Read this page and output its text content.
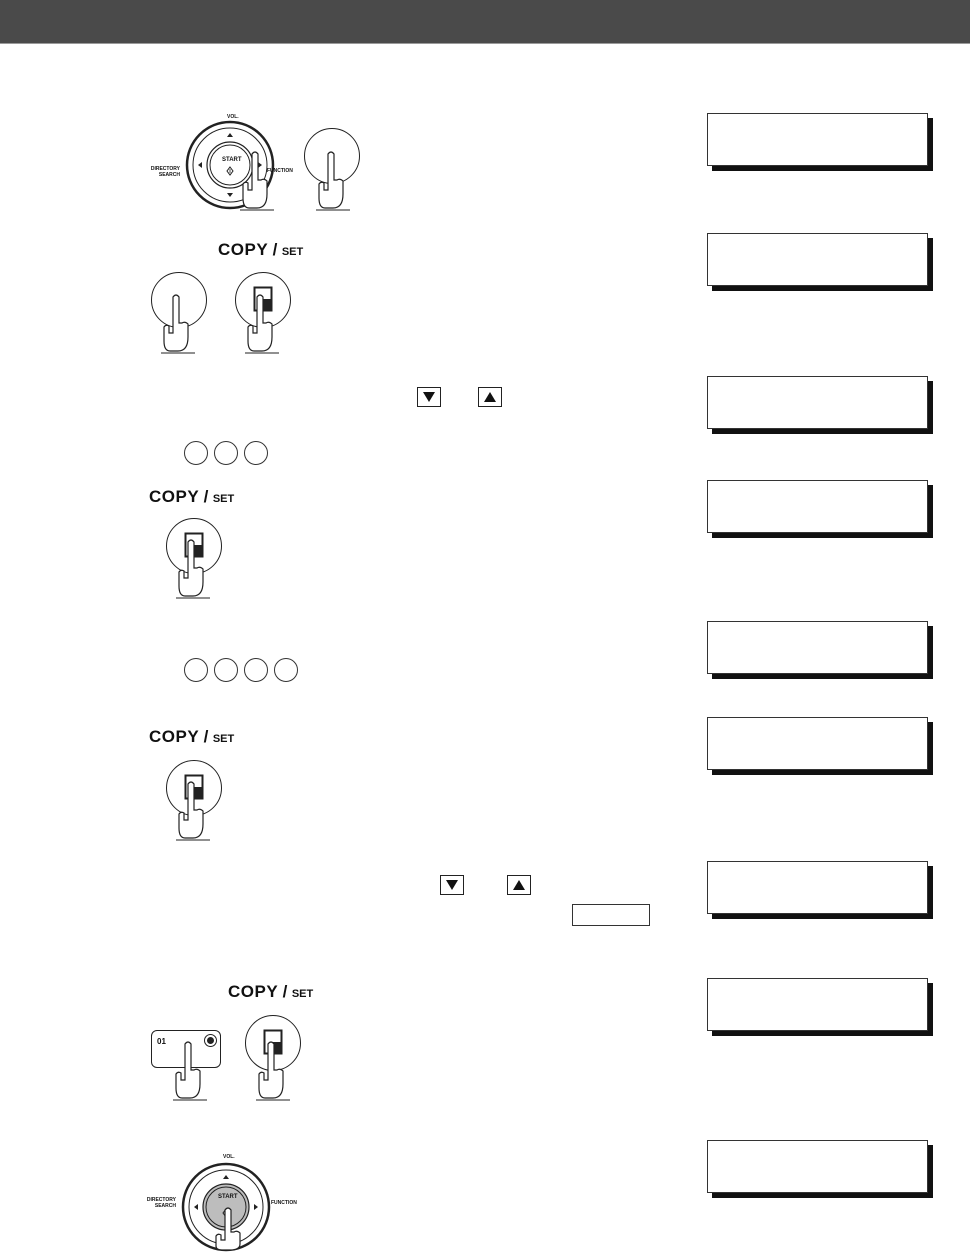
START
VOL.
DIRECTORY SEARCH
FUNCTION
COPY / SET
COPY / SET
COPY / SET
COPY / SET
01
START
VOL.
DIRECTORY SEARCH	FUNCTION
